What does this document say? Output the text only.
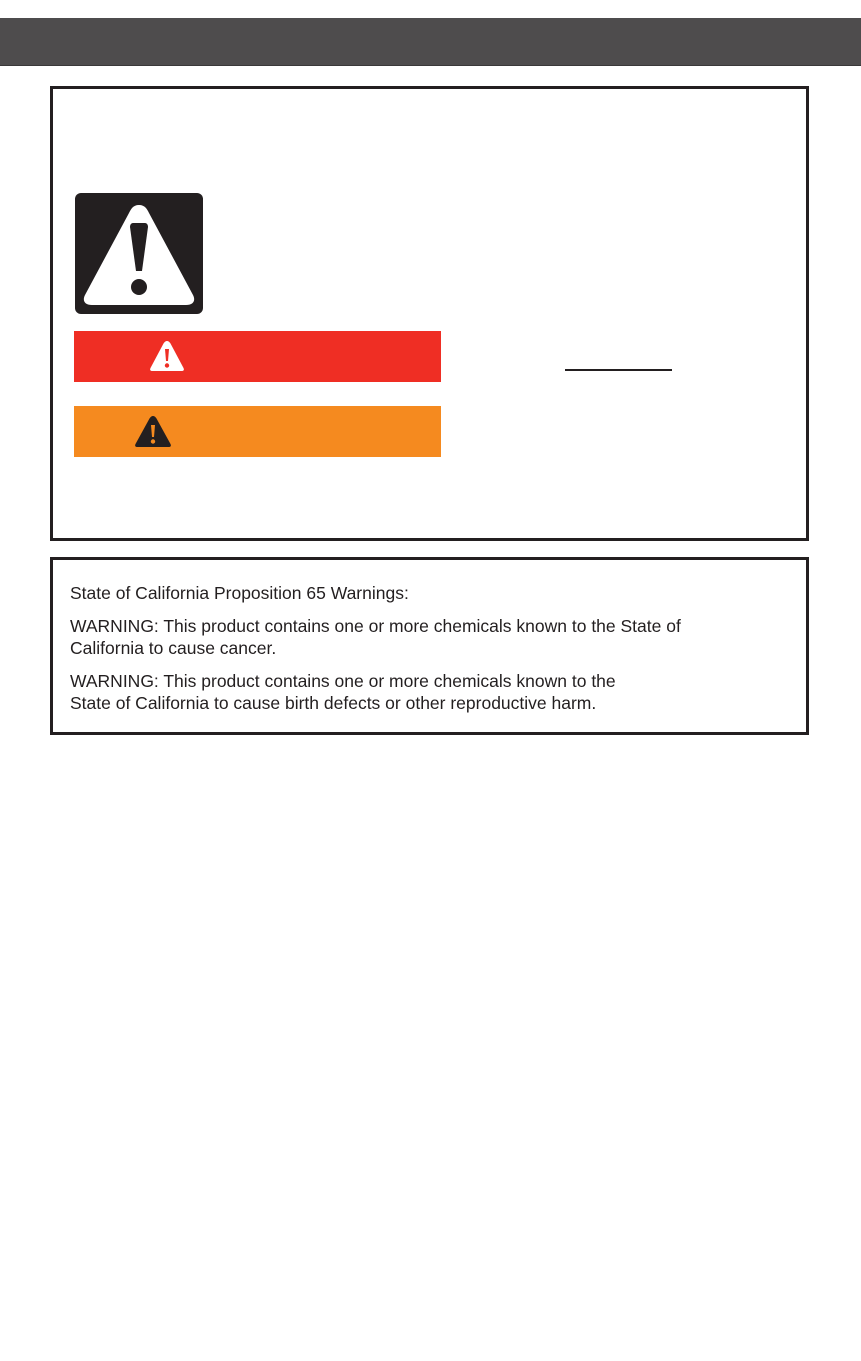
State of California Proposition 65 Warnings:

WARNING: This product contains one or more chemicals known to the State of
California to cause cancer.

WARNING: This product contains one or more chemicals known to the
State of California to cause birth defects or other reproductive harm.
